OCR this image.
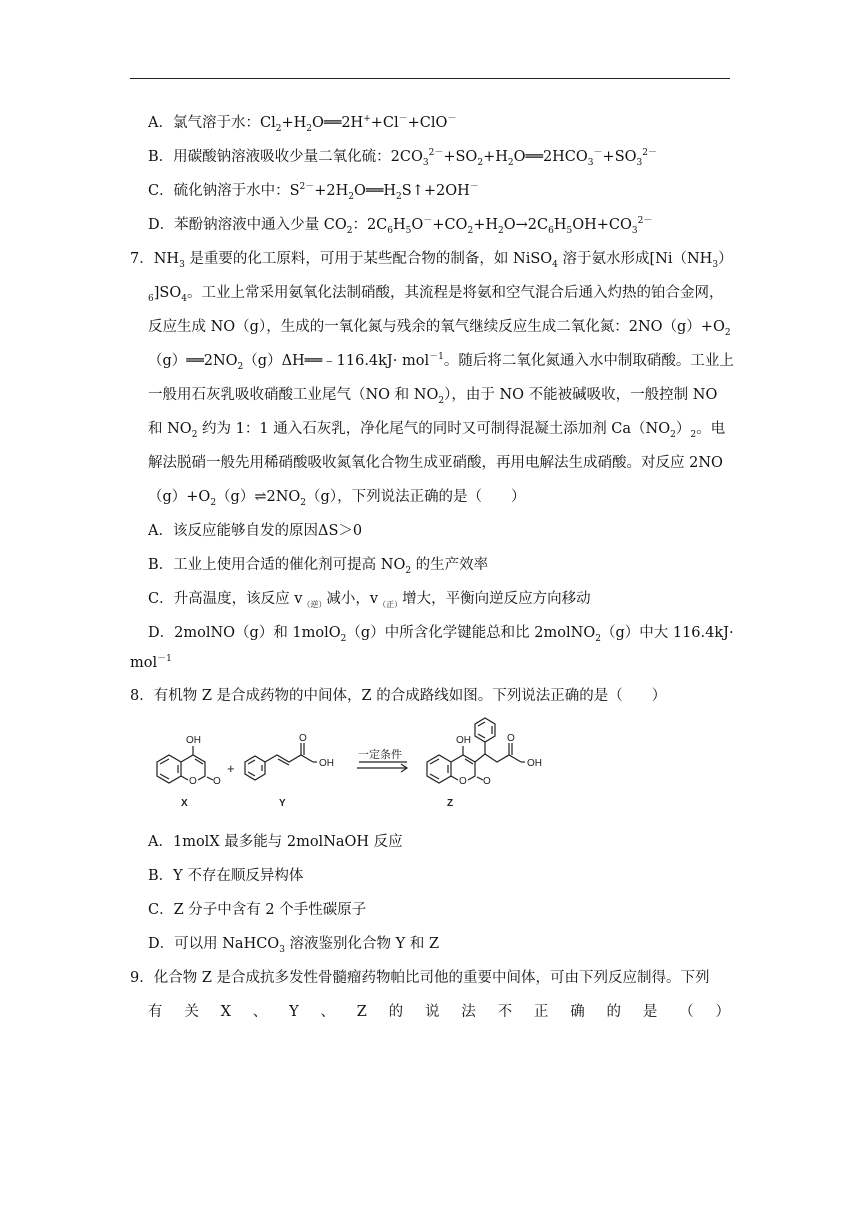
A．氯气溶于水：$Cl_2+H_2O══2H^++Cl^-+ClO^-$
B．用碳酸钠溶液吸收少量二氧化硫：$2CO_3^{2-}+SO_2+H_2O══2HCO_3^-+SO_3^{2-}$
C．硫化钠溶于水中：$S^{2-}+2H_2O══H_2S↑+2OH^-$
D．苯酚钠溶液中通入少量 $CO_2$：$2C_6H_5O^-+CO_2+H_2O\to 2C_6H_5OH+CO_3^{2-}$
7．$NH_3$ 是重要的化工原料，可用于某些配合物的制备，如 NiSO$_4$ 溶于氨水形成[$Ni(NH_3)$
$_6]SO_4$。工业上常采用氨氧化法制硝酸，其流程是将氨和空气混合后通入灼热的铂合金网，
反应生成 NO（g），生成的一氧化氮与残余的氧气继续反应生成二氧化氮：$2NO(g)+O_2$
$(g)══2NO_2(g)\Delta H══﹣116.4kJ\cdot mol^{-1}$。随后将二氧化氮通入水中制取硝酸。工业上
一般用石灰乳吸收硝酸工业尾气（NO 和 $NO_2$），由于 NO 不能被碱吸收，一般控制 NO
和 $NO_2$ 约为 1：1 通入石灰乳，净化尾气的同时又可制得混凝土添加剂 $Ca(NO_2)_2$。电
解法脱硝一般先用稀硝酸吸收氮氧化合物生成亚硝酸，再用电解法生成硝酸。对反应 2NO
$(g)+O_2(g)\rightleftharpoons 2NO_2(g)$，下列说法正确的是（　　）
A．该反应能够自发的原因ΔS＞0
B．工业上使用合适的催化剂可提高 $NO_2$ 的生产效率
C．升高温度，该反应 $v_{(逆)}$减小，$v_{(正)}$增大，平衡向逆反应方向移动
D．2molNO（g）和 1molO$_2$（g）中所含化学键能总和比 2molNO$_2$（g）中大 116.4kJ·
mol$^{-1}$
8．有机物 Z 是合成药物的中间体，Z 的合成路线如图。下列说法正确的是（　　）
OH
O O
+
O
OH
一定条件
OH
O O
O
OH
X	Y	Z
A．1molX 最多能与 2molNaOH 反应
B．Y 不存在顺反异构体
C．Z 分子中含有 2 个手性碳原子
D．可以用 NaHCO$_3$ 溶液鉴别化合物 Y 和 Z
9．化合物 Z 是合成抗多发性骨髓瘤药物帕比司他的重要中间体，可由下列反应制得。下列
有 关 X 、 Y 、 Z 的 说 法 不 正 确 的 是 （ ）
